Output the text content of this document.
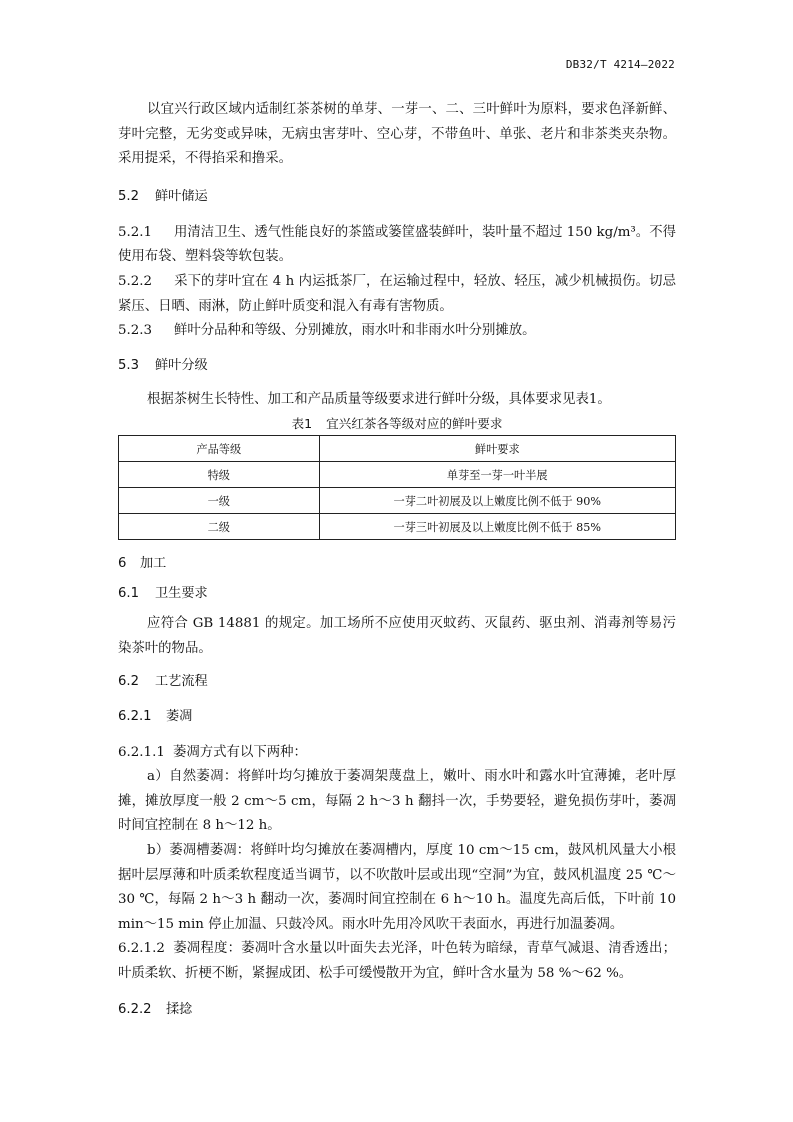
DB32/T 4214—2022

以宜兴行政区域内适制红茶茶树的单芽、一芽一、二、三叶鲜叶为原料，要求色泽新鲜、芽叶完整，无劣变或异味，无病虫害芽叶、空心芽，不带鱼叶、单张、老片和非茶类夹杂物。采用提采，不得掐采和撸采。

5.2 鲜叶储运

5.2.1 用清洁卫生、透气性能良好的茶篮或篓筐盛装鲜叶，装叶量不超过 150 kg/m³。不得使用布袋、塑料袋等软包装。

5.2.2 采下的芽叶宜在 4 h 内运抵茶厂，在运输过程中，轻放、轻压，减少机械损伤。切忌紧压、日晒、雨淋，防止鲜叶质变和混入有毒有害物质。

5.2.3 鲜叶分品种和等级、分别摊放，雨水叶和非雨水叶分别摊放。

5.3 鲜叶分级

根据茶树生长特性、加工和产品质量等级要求进行鲜叶分级，具体要求见表1。

表1 宜兴红茶各等级对应的鲜叶要求

产品等级	鲜叶要求
特级	单芽至一芽一叶半展
一级	一芽二叶初展及以上嫩度比例不低于 90%
二级	一芽三叶初展及以上嫩度比例不低于 85%

6 加工

6.1 卫生要求

应符合 GB 14881 的规定。加工场所不应使用灭蚊药、灭鼠药、驱虫剂、消毒剂等易污染茶叶的物品。

6.2 工艺流程

6.2.1 萎凋

6.2.1.1 萎凋方式有以下两种：

a）自然萎凋：将鲜叶均匀摊放于萎凋架蔑盘上，嫩叶、雨水叶和露水叶宜薄摊，老叶厚摊，摊放厚度一般 2 cm～5 cm，每隔 2 h～3 h 翻抖一次，手势要轻，避免损伤芽叶，萎凋时间宜控制在 8 h～12 h。

b）萎凋槽萎凋：将鲜叶均匀摊放在萎凋槽内，厚度 10 cm～15 cm，鼓风机风量大小根据叶层厚薄和叶质柔软程度适当调节，以不吹散叶层或出现“空洞”为宜，鼓风机温度 25 ℃～30 ℃，每隔 2 h～3 h 翻动一次，萎凋时间宜控制在 6 h～10 h。温度先高后低，下叶前 10 min～15 min 停止加温、只鼓冷风。雨水叶先用冷风吹干表面水，再进行加温萎凋。

6.2.1.2 萎凋程度：萎凋叶含水量以叶面失去光泽，叶色转为暗绿，青草气减退、清香透出；叶质柔软、折梗不断，紧握成团、松手可缓慢散开为宜，鲜叶含水量为 58 %～62 %。

6.2.2 揉捻
